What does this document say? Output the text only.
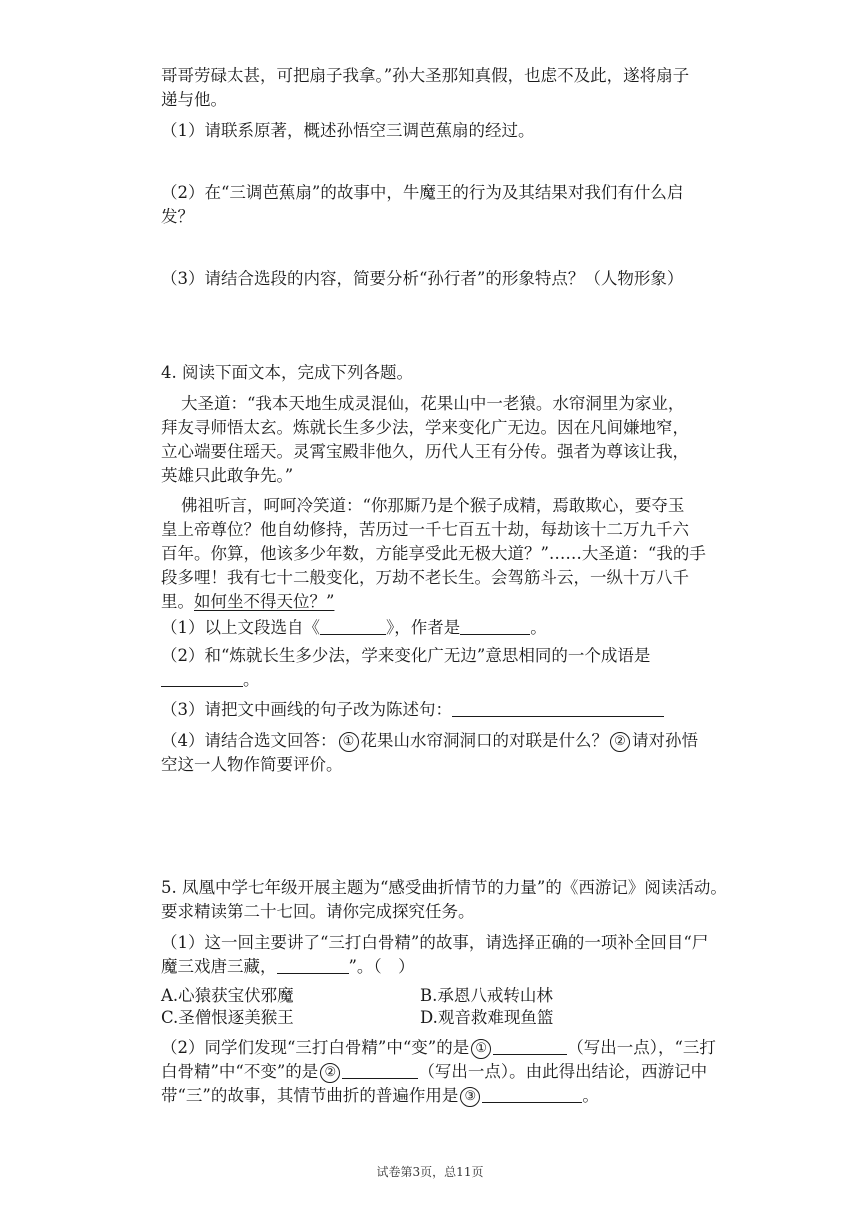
哥哥劳碌太甚，可把扇子我拿。”孙大圣那知真假，也虑不及此，遂将扇子
递与他。
（1）请联系原著，概述孙悟空三调芭蕉扇的经过。
（2）在“三调芭蕉扇”的故事中，牛魔王的行为及其结果对我们有什么启
发？
（3）请结合选段的内容，简要分析“孙行者”的形象特点？（人物形象）
4. 阅读下面文本，完成下列各题。
大圣道：“我本天地生成灵混仙，花果山中一老猿。水帘洞里为家业，
拜友寻师悟太玄。炼就长生多少法，学来变化广无边。因在凡间嫌地窄，
立心端要住瑶天。灵霄宝殿非他久，历代人王有分传。强者为尊该让我，
英雄只此敢争先。”
佛祖听言，呵呵冷笑道：“你那厮乃是个猴子成精，焉敢欺心，要夺玉
皇上帝尊位？他自幼修持，苦历过一千七百五十劫，每劫该十二万九千六
百年。你算，他该多少年数，方能享受此无极大道？”……大圣道：“我的手
段多哩！我有七十二般变化，万劫不老长生。会驾筋斗云，一纵十万八千
里。如何坐不得天位？”
（1）以上文段选自《	》，作者是	。
（2）和“炼就长生多少法，学来变化广无边”意思相同的一个成语是
。
（3）请把文中画线的句子改为陈述句：
（4）请结合选文回答： ① 花果山水帘洞洞口的对联是什么？ ② 请对孙悟
空这一人物作简要评价。
5. 凤凰中学七年级开展主题为“感受曲折情节的力量”的《西游记》阅读活动。
要求精读第二十七回。请你完成探究任务。
（1）这一回主要讲了“三打白骨精”的故事，请选择正确的一项补全回目“尸
魔三戏唐三藏，	”。（　）
A.心猿获宝伏邪魔	B.承恩八戒转山林
C.圣僧恨逐美猴王	D.观音救难现鱼篮
（2）同学们发现“三打白骨精”中“变”的是 ①	（写出一点），“三打
白骨精”中“不变”的是 ②	（写出一点）。由此得出结论，西游记中
带“三”的故事，其情节曲折的普遍作用是 ③	。
试卷第3页，总11页
